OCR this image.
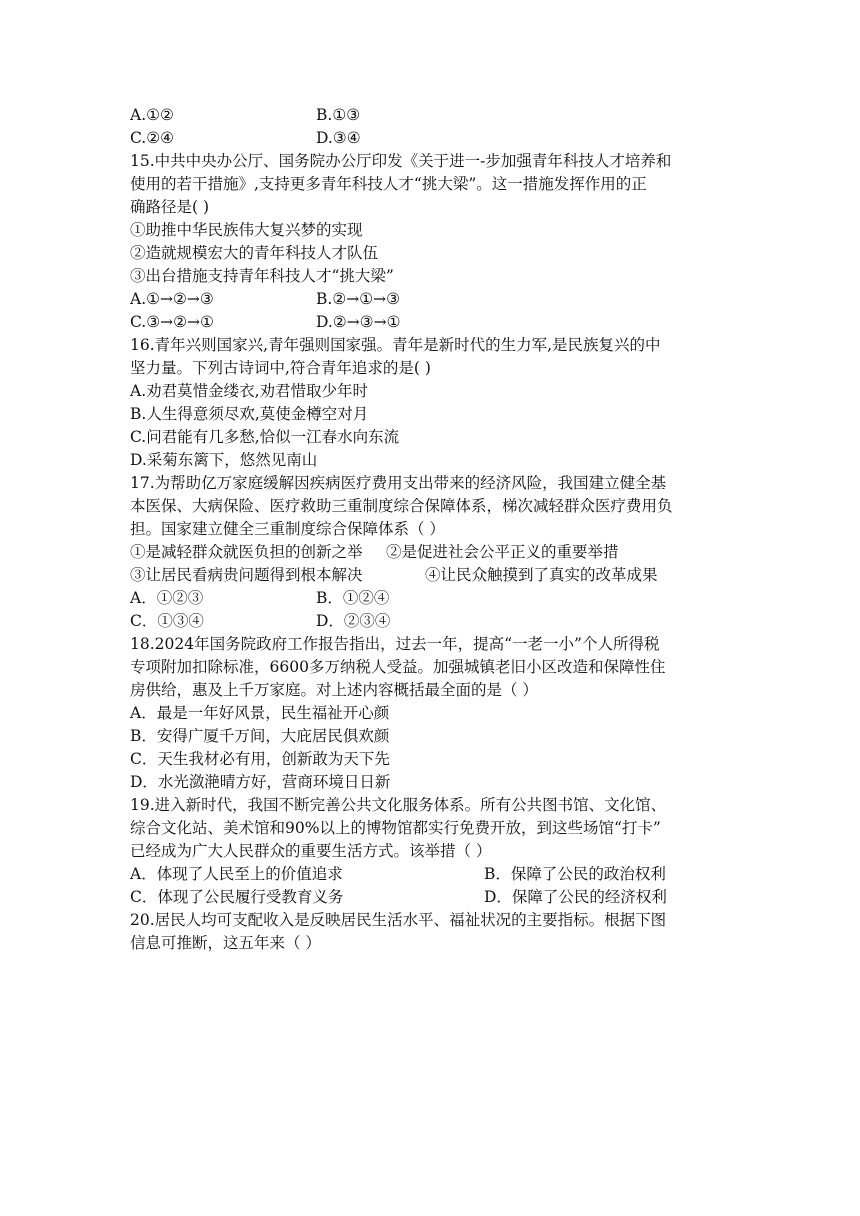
A.①②	B.①③
C.②④	D.③④
15.中共中央办公厅、国务院办公厅印发《关于进一-步加强青年科技人才培养和
使用的若干措施》,支持更多青年科技人才“挑大梁”。这一措施发挥作用的正
确路径是( )
①助推中华民族伟大复兴梦的实现
②造就规模宏大的青年科技人才队伍
③出台措施支持青年科技人才“挑大梁”
A.①→②→③	B.②→①→③
C.③→②→①	D.②→③→①
16.青年兴则国家兴,青年强则国家强。青年是新时代的生力军,是民族复兴的中
坚力量。下列古诗词中,符合青年追求的是( )
A.劝君莫惜金缕衣,劝君惜取少年时
B.人生得意须尽欢,莫使金樽空对月
C.问君能有几多愁,恰似一江春水向东流
D.采菊东篱下，悠然见南山
17.为帮助亿万家庭缓解因疾病医疗费用支出带来的经济风险，我国建立健全基
本医保、大病保险、医疗救助三重制度综合保障体系，梯次减轻群众医疗费用负
担。国家建立健全三重制度综合保障体系（ ）
①是减轻群众就医负担的创新之举 ②是促进社会公平正义的重要举措
③让居民看病贵问题得到根本解决	④让民众触摸到了真实的改革成果
A．①②③	B．①②④
C．①③④	D．②③④
18.2024年国务院政府工作报告指出，过去一年，提高“一老一小”个人所得税
专项附加扣除标准，6600多万纳税人受益。加强城镇老旧小区改造和保障性住
房供给，惠及上千万家庭。对上述内容概括最全面的是（ ）
A．最是一年好风景，民生福祉开心颜
B．安得广厦千万间，大庇居民俱欢颜
C．天生我材必有用，创新敢为天下先
D．水光潋滟晴方好，营商环境日日新
19.进入新时代，我国不断完善公共文化服务体系。所有公共图书馆、文化馆、
综合文化站、美术馆和90%以上的博物馆都实行免费开放，到这些场馆“打卡”
已经成为广大人民群众的重要生活方式。该举措（ ）
A．体现了人民至上的价值追求	B．保障了公民的政治权利
C．体现了公民履行受教育义务	D．保障了公民的经济权利
20.居民人均可支配收入是反映居民生活水平、福祉状况的主要指标。根据下图
信息可推断，这五年来（ ）
